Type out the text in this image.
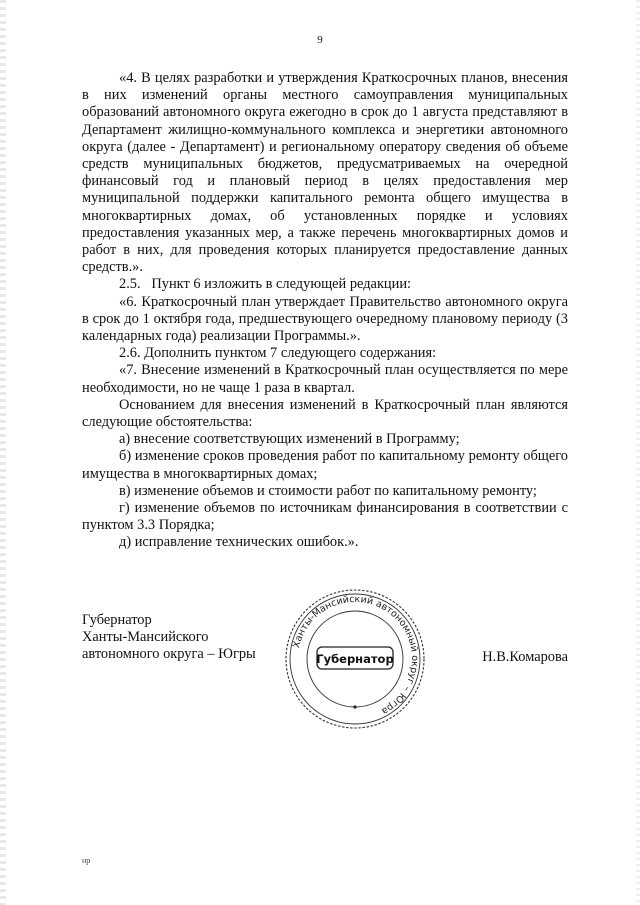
9

«4. В целях разработки и утверждения Краткосрочных планов, внесения в них изменений органы местного самоуправления муниципальных образований автономного округа ежегодно в срок до 1 августа представляют в Департамент жилищно-коммунального комплекса и энергетики автономного округа (далее - Департамент) и региональному оператору сведения об объеме средств муниципальных бюджетов, предусматриваемых на очередной финансовый год и плановый период в целях предоставления мер муниципальной поддержки капитального ремонта общего имущества в многоквартирных домах, об установленных порядке и условиях предоставления указанных мер, а также перечень многоквартирных домов и работ в них, для проведения которых планируется предоставление данных средств.».

2.5.   Пункт 6 изложить в следующей редакции:

«6. Краткосрочный план утверждает Правительство автономного округа в срок до 1 октября года, предшествующего очередному плановому периоду (3 календарных года) реализации Программы.».

2.6. Дополнить пунктом 7 следующего содержания:

«7. Внесение изменений в Краткосрочный план осуществляется по мере необходимости, но не чаще 1 раза в квартал.

Основанием для внесения изменений в Краткосрочный план являются следующие обстоятельства:

а) внесение соответствующих изменений в Программу;

б) изменение сроков проведения работ по капитальному ремонту общего имущества в многоквартирных домах;

в) изменение объемов и стоимости работ по капитальному ремонту;

г) изменение объемов по источникам финансирования в соответствии с пунктом 3.3 Порядка;

д) исправление технических ошибок.».

Губернатор
Ханты-Мансийского
автономного округа – Югры	Н.В.Комарова
Ханты-Мансийский автономный округ – Югра
Губернатор
нр
